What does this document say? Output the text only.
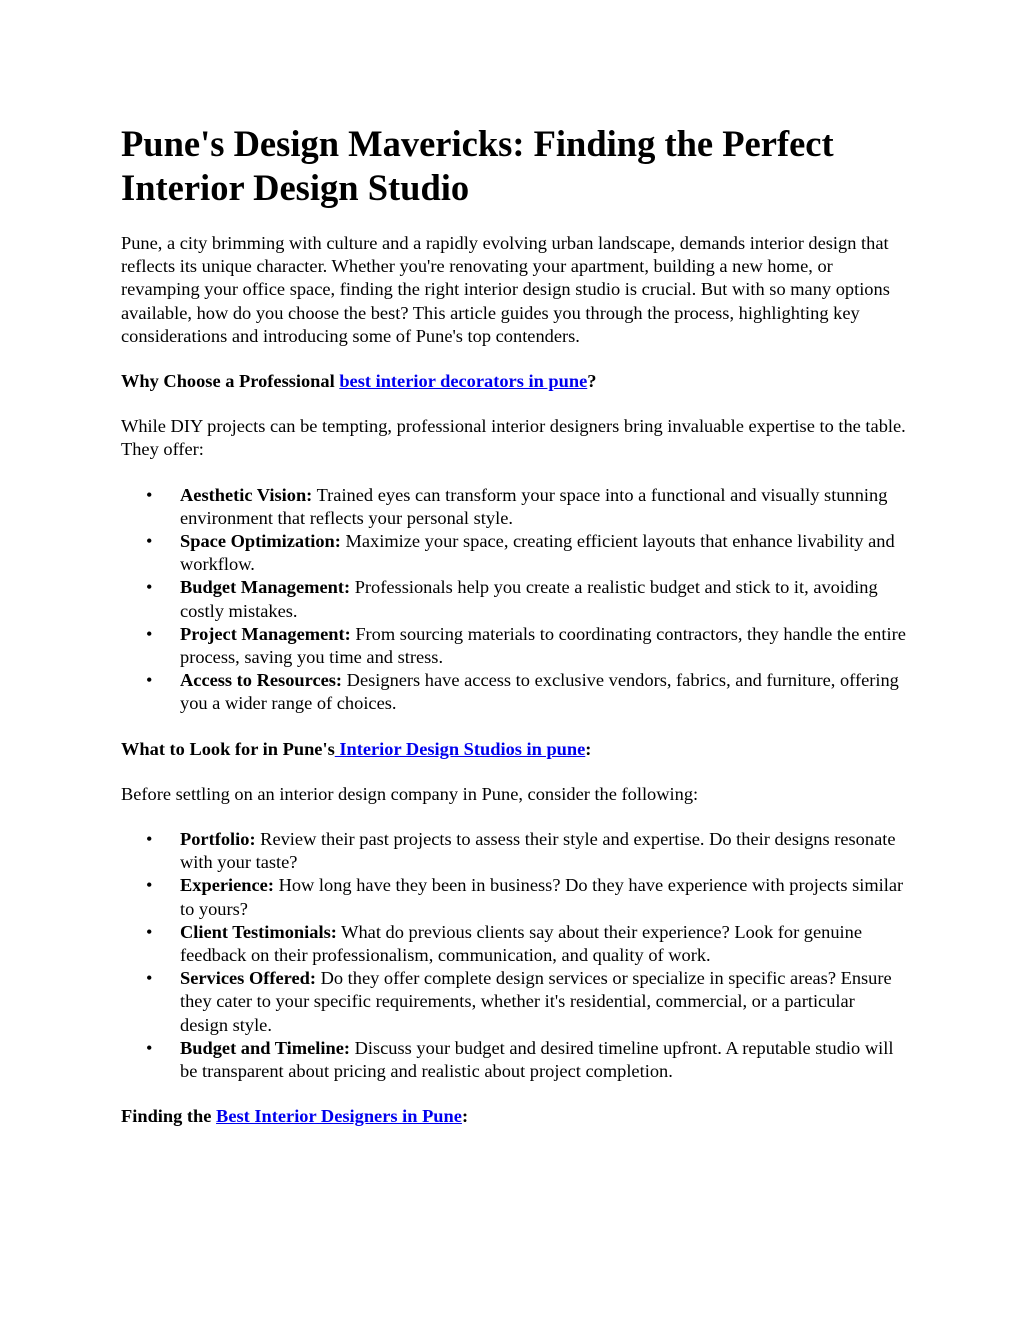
Pune's Design Mavericks: Finding the Perfect Interior Design Studio

Pune, a city brimming with culture and a rapidly evolving urban landscape, demands interior design that reflects its unique character. Whether you're renovating your apartment, building a new home, or revamping your office space, finding the right interior design studio is crucial. But with so many options available, how do you choose the best? This article guides you through the process, highlighting key considerations and introducing some of Pune's top contenders.

Why Choose a Professional best interior decorators in pune?

While DIY projects can be tempting, professional interior designers bring invaluable expertise to the table. They offer:

• Aesthetic Vision: Trained eyes can transform your space into a functional and visually stunning environment that reflects your personal style.
• Space Optimization: Maximize your space, creating efficient layouts that enhance livability and workflow.
• Budget Management: Professionals help you create a realistic budget and stick to it, avoiding costly mistakes.
• Project Management: From sourcing materials to coordinating contractors, they handle the entire process, saving you time and stress.
• Access to Resources: Designers have access to exclusive vendors, fabrics, and furniture, offering you a wider range of choices.

What to Look for in Pune's Interior Design Studios in pune:

Before settling on an interior design company in Pune, consider the following:

• Portfolio: Review their past projects to assess their style and expertise. Do their designs resonate with your taste?
• Experience: How long have they been in business? Do they have experience with projects similar to yours?
• Client Testimonials: What do previous clients say about their experience? Look for genuine feedback on their professionalism, communication, and quality of work.
• Services Offered: Do they offer complete design services or specialize in specific areas? Ensure they cater to your specific requirements, whether it's residential, commercial, or a particular design style.
• Budget and Timeline: Discuss your budget and desired timeline upfront. A reputable studio will be transparent about pricing and realistic about project completion.

Finding the Best Interior Designers in Pune:
